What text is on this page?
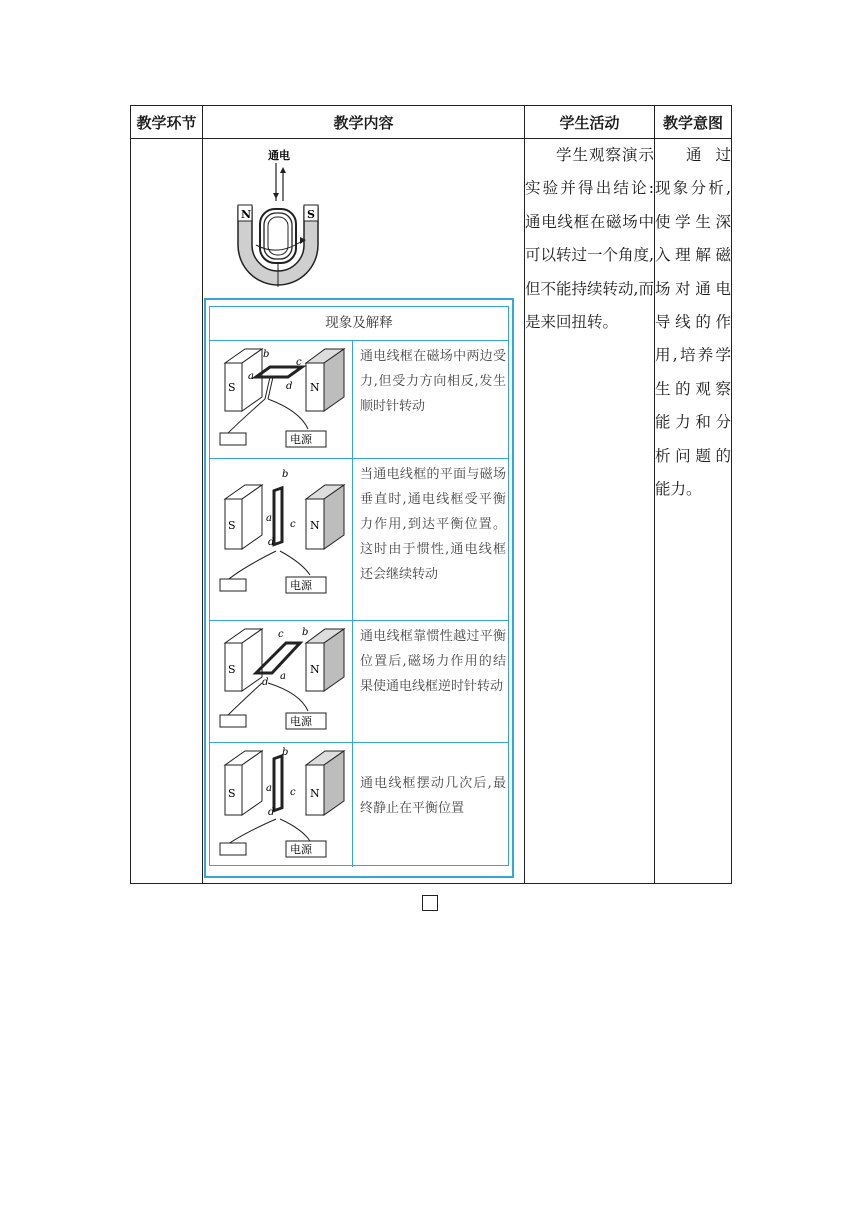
教学环节	教学内容	学生活动	教学意图

		学生观察演示实验并得出结论:通电线框在磁场中可以转过一个角度,但不能持续转动,而是来回扭转。	通过现象分析,使学生深入理解磁场对通电导线的作用,培养学生的观察能力和分析问题的能力。
通电
N	S
现象及解释
S	N
b
a
c
d
电源
通电线框在磁场中两边受力,但受力方向相反,发生顺时针转动
S	N
b
a
c
d
电源
当通电线框的平面与磁场垂直时,通电线框受平衡力作用,到达平衡位置。这时由于惯性,通电线框还会继续转动
S	N
c b
d
a
电源
通电线框靠惯性越过平衡位置后,磁场力作用的结果使通电线框逆时针转动
S	N
b
a c
d
电源
通电线框摆动几次后,最终静止在平衡位置
